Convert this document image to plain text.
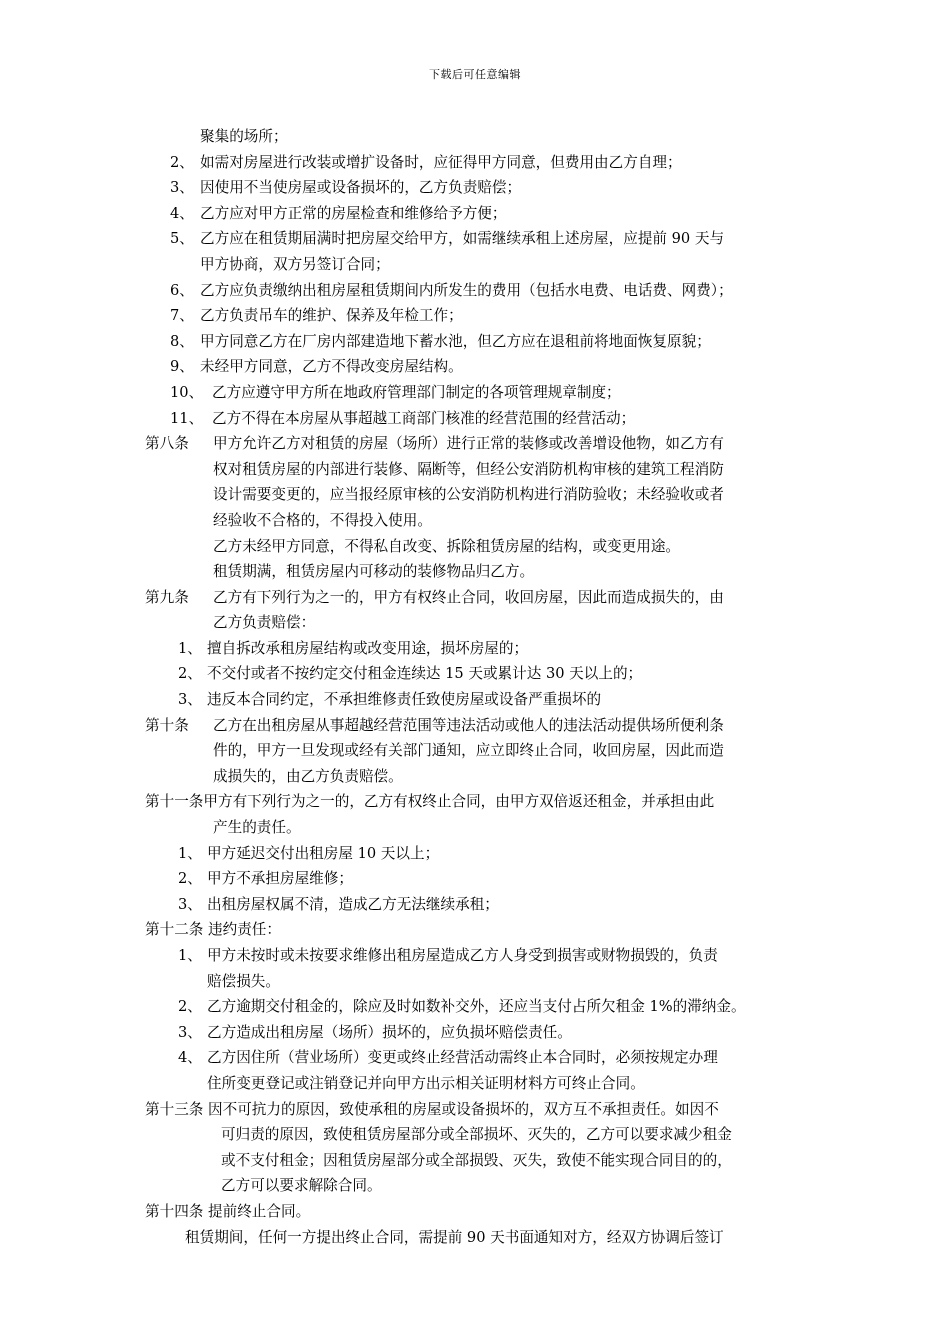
下载后可任意编辑
聚集的场所；
2、 如需对房屋进行改装或增扩设备时，应征得甲方同意，但费用由乙方自理；
3、 因使用不当使房屋或设备损坏的，乙方负责赔偿；
4、 乙方应对甲方正常的房屋检查和维修给予方便；
5、 乙方应在租赁期届满时把房屋交给甲方，如需继续承租上述房屋，应提前 90 天与
甲方协商，双方另签订合同；
6、 乙方应负责缴纳出租房屋租赁期间内所发生的费用（包括水电费、电话费、网费）；
7、 乙方负责吊车的维护、保养及年检工作；
8、 甲方同意乙方在厂房内部建造地下蓄水池，但乙方应在退租前将地面恢复原貌；
9、 未经甲方同意，乙方不得改变房屋结构。
10、 乙方应遵守甲方所在地政府管理部门制定的各项管理规章制度；
11、 乙方不得在本房屋从事超越工商部门核准的经营范围的经营活动；
第八条 甲方允许乙方对租赁的房屋（场所）进行正常的装修或改善增设他物，如乙方有
权对租赁房屋的内部进行装修、隔断等，但经公安消防机构审核的建筑工程消防
设计需要变更的，应当报经原审核的公安消防机构进行消防验收；未经验收或者
经验收不合格的，不得投入使用。
乙方未经甲方同意，不得私自改变、拆除租赁房屋的结构，或变更用途。
租赁期满，租赁房屋内可移动的装修物品归乙方。
第九条 乙方有下列行为之一的，甲方有权终止合同，收回房屋，因此而造成损失的，由
乙方负责赔偿：
1、 擅自拆改承租房屋结构或改变用途，损坏房屋的；
2、 不交付或者不按约定交付租金连续达 15 天或累计达 30 天以上的；
3、 违反本合同约定，不承担维修责任致使房屋或设备严重损坏的
第十条 乙方在出租房屋从事超越经营范围等违法活动或他人的违法活动提供场所便利条
件的，甲方一旦发现或经有关部门通知，应立即终止合同，收回房屋，因此而造
成损失的，由乙方负责赔偿。
第十一条甲方有下列行为之一的，乙方有权终止合同，由甲方双倍返还租金，并承担由此
产生的责任。
1、 甲方延迟交付出租房屋 10 天以上；
2、 甲方不承担房屋维修；
3、 出租房屋权属不清，造成乙方无法继续承租；
第十二条 违约责任：
1、 甲方未按时或未按要求维修出租房屋造成乙方人身受到损害或财物损毁的，负责
赔偿损失。
2、 乙方逾期交付租金的，除应及时如数补交外，还应当支付占所欠租金 1%的滞纳金。
3、 乙方造成出租房屋（场所）损坏的，应负损坏赔偿责任。
4、 乙方因住所（营业场所）变更或终止经营活动需终止本合同时，必须按规定办理
住所变更登记或注销登记并向甲方出示相关证明材料方可终止合同。
第十三条 因不可抗力的原因，致使承租的房屋或设备损坏的，双方互不承担责任。如因不
可归责的原因，致使租赁房屋部分或全部损坏、灭失的，乙方可以要求减少租金
或不支付租金；因租赁房屋部分或全部损毁、灭失，致使不能实现合同目的的，
乙方可以要求解除合同。
第十四条 提前终止合同。
租赁期间，任何一方提出终止合同，需提前 90 天书面通知对方，经双方协调后签订
